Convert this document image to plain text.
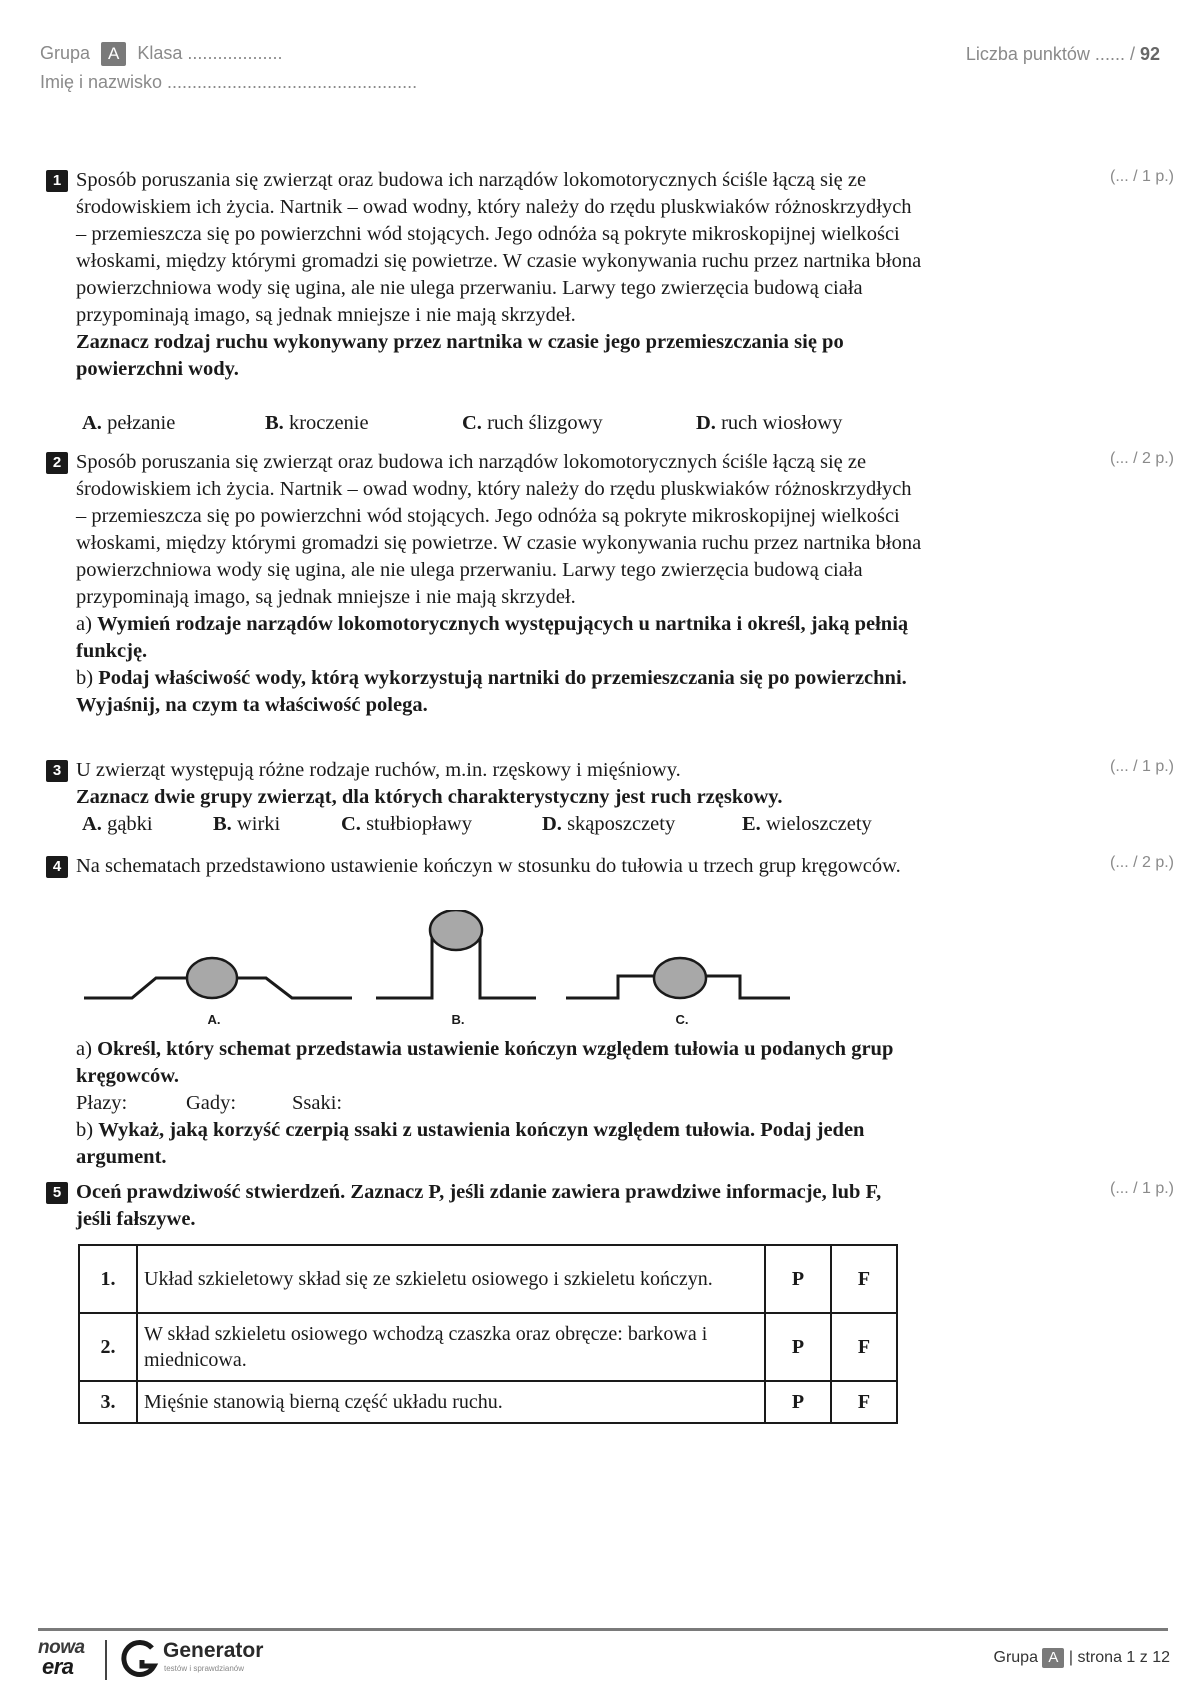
Grupa A Klasa ...................
Imię i nazwisko ..................................................
Liczba punktów ...... / 92
1	(... / 1 p.)
Sposób poruszania się zwierząt oraz budowa ich narządów lokomotorycznych ściśle łączą się ze środowiskiem ich życia. Nartnik – owad wodny, który należy do rzędu pluskwiaków różnoskrzydłych – przemieszcza się po powierzchni wód stojących. Jego odnóża są pokryte mikroskopijnej wielkości włoskami, między którymi gromadzi się powietrze. W czasie wykonywania ruchu przez nartnika błona powierzchniowa wody się ugina, ale nie ulega przerwaniu. Larwy tego zwierzęcia budową ciała przypominają imago, są jednak mniejsze i nie mają skrzydeł.
Zaznacz rodzaj ruchu wykonywany przez nartnika w czasie jego przemieszczania się po powierzchni wody.
A. pełzanie	B. kroczenie	C. ruch ślizgowy	D. ruch wiosłowy
2	(... / 2 p.)
Sposób poruszania się zwierząt oraz budowa ich narządów lokomotorycznych ściśle łączą się ze środowiskiem ich życia. Nartnik – owad wodny, który należy do rzędu pluskwiaków różnoskrzydłych – przemieszcza się po powierzchni wód stojących. Jego odnóża są pokryte mikroskopijnej wielkości włoskami, między którymi gromadzi się powietrze. W czasie wykonywania ruchu przez nartnika błona powierzchniowa wody się ugina, ale nie ulega przerwaniu. Larwy tego zwierzęcia budową ciała przypominają imago, są jednak mniejsze i nie mają skrzydeł.
a) Wymień rodzaje narządów lokomotorycznych występujących u nartnika i określ, jaką pełnią funkcję.
b) Podaj właściwość wody, którą wykorzystują nartniki do przemieszczania się po powierzchni. Wyjaśnij, na czym ta właściwość polega.
3	(... / 1 p.)
U zwierząt występują różne rodzaje ruchów, m.in. rzęskowy i mięśniowy.
Zaznacz dwie grupy zwierząt, dla których charakterystyczny jest ruch rzęskowy.
A. gąbki	B. wirki	C. stułbiopławy	D. skąposzczety	E. wieloszczety
4	(... / 2 p.)
Na schematach przedstawiono ustawienie kończyn w stosunku do tułowia u trzech grup kręgowców.
A.	B.	C.
a) Określ, który schemat przedstawia ustawienie kończyn względem tułowia u podanych grup kręgowców.
Płazy:	Gady:	Ssaki:
b) Wykaż, jaką korzyść czerpią ssaki z ustawienia kończyn względem tułowia. Podaj jeden argument.
5	(... / 1 p.)
Oceń prawdziwość stwierdzeń. Zaznacz P, jeśli zdanie zawiera prawdziwe informacje, lub F, jeśli fałszywe.
1.	Układ szkieletowy skład się ze szkieletu osiowego i szkieletu kończyn.	P	F
2.	W skład szkieletu osiowego wchodzą czaszka oraz obręcze: barkowa i miednicowa.	P	F
3.	Mięśnie stanowią bierną część układu ruchu.	P	F
nowa
era
Generator
testów i sprawdzianów
Grupa A | strona 1 z 12
